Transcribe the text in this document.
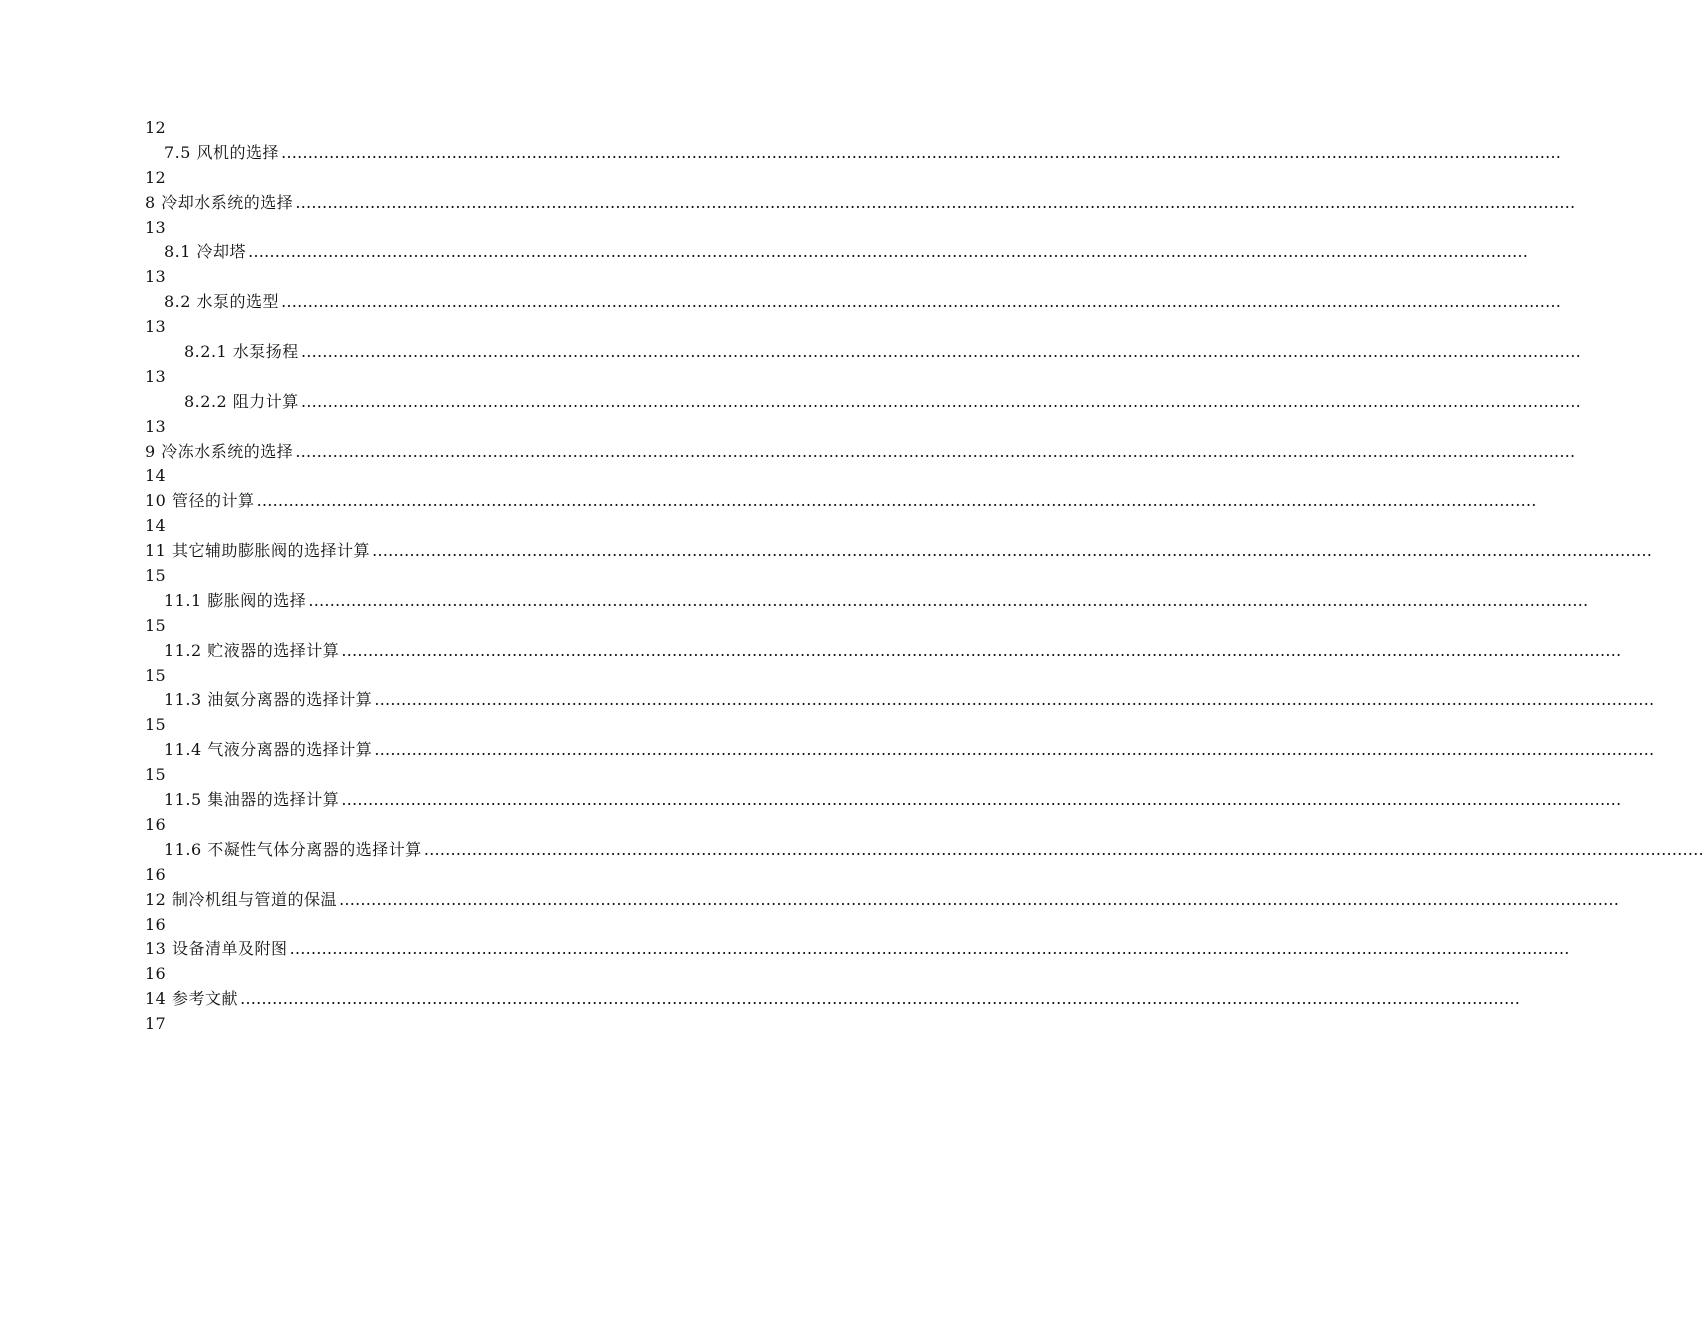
12
7.5 风机的选择 ……………………………………………………………………………………………………………………………………………………………………………………………………………………
12
8 冷却水系统的选择 ……………………………………………………………………………………………………………………………………………………………………………………………………………………
13
8.1 冷却塔 ……………………………………………………………………………………………………………………………………………………………………………………………………………………
13
8.2 水泵的选型 ……………………………………………………………………………………………………………………………………………………………………………………………………………………
13
8.2.1 水泵扬程 ……………………………………………………………………………………………………………………………………………………………………………………………………………………
13
8.2.2 阻力计算 ……………………………………………………………………………………………………………………………………………………………………………………………………………………
13
9 冷冻水系统的选择 ……………………………………………………………………………………………………………………………………………………………………………………………………………………
14
10 管径的计算 ……………………………………………………………………………………………………………………………………………………………………………………………………………………
14
11 其它辅助膨胀阀的选择计算 ……………………………………………………………………………………………………………………………………………………………………………………………………………………
15
11.1 膨胀阀的选择 ……………………………………………………………………………………………………………………………………………………………………………………………………………………
15
11.2 贮液器的选择计算 ……………………………………………………………………………………………………………………………………………………………………………………………………………………
15
11.3 油氨分离器的选择计算 ……………………………………………………………………………………………………………………………………………………………………………………………………………………
15
11.4 气液分离器的选择计算 ……………………………………………………………………………………………………………………………………………………………………………………………………………………
15
11.5 集油器的选择计算 ……………………………………………………………………………………………………………………………………………………………………………………………………………………
16
11.6 不凝性气体分离器的选择计算 ……………………………………………………………………………………………………………………………………………………………………………………………………………………
16
12 制冷机组与管道的保温 ……………………………………………………………………………………………………………………………………………………………………………………………………………………
16
13 设备清单及附图 ……………………………………………………………………………………………………………………………………………………………………………………………………………………
16
14 参考文献 ……………………………………………………………………………………………………………………………………………………………………………………………………………………
17
